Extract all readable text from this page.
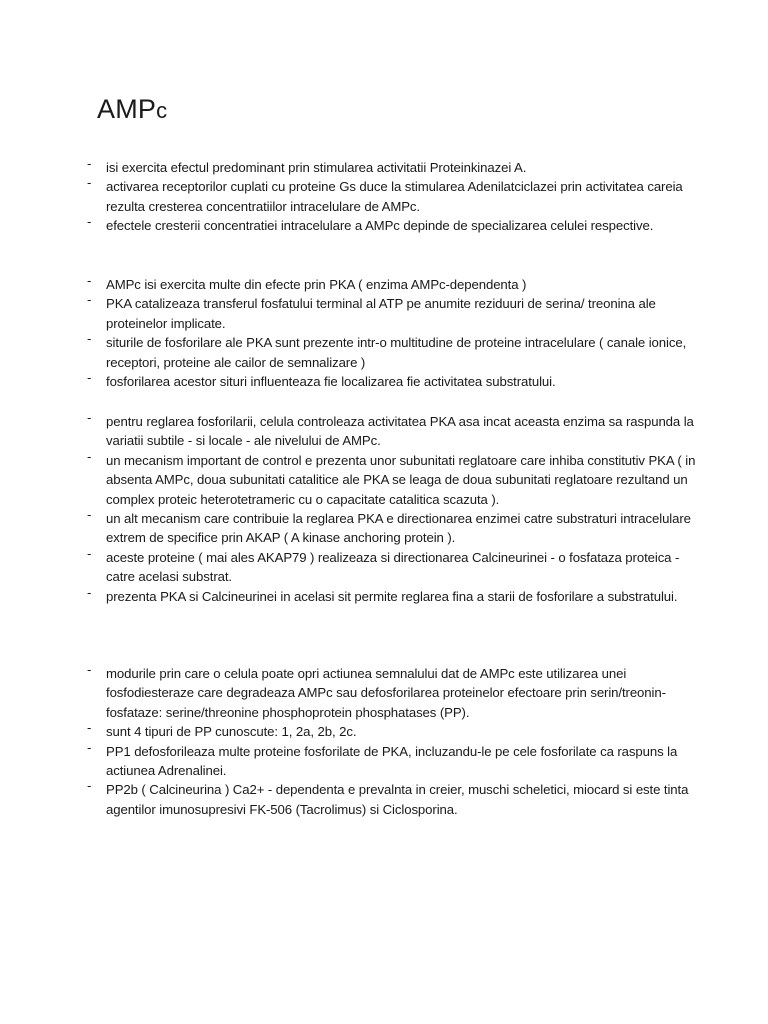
AMPc
- isi exercita efectul predominant prin stimularea activitatii Proteinkinazei A.
- activarea receptorilor cuplati cu proteine Gs duce la stimularea Adenilatciclazei prin activitatea careia rezulta cresterea concentratiilor intracelulare de AMPc.
- efectele cresterii concentratiei intracelulare a AMPc depinde de specializarea celulei respective.
- AMPc isi exercita multe din efecte prin PKA ( enzima AMPc-dependenta )
- PKA catalizeaza transferul fosfatului terminal al ATP pe anumite reziduuri de serina/ treonina ale proteinelor implicate.
- siturile de fosforilare ale PKA sunt prezente intr-o multitudine de proteine intracelulare ( canale ionice, receptori, proteine ale cailor de semnalizare )
- fosforilarea acestor situri influenteaza fie localizarea fie activitatea substratului.
- pentru reglarea fosforilarii, celula controleaza activitatea PKA asa incat aceasta enzima sa raspunda la variatii subtile - si locale - ale nivelului de AMPc.
- un mecanism important de control e prezenta unor subunitati reglatoare care inhiba constitutiv PKA ( in absenta AMPc, doua subunitati catalitice ale PKA se leaga de doua subunitati reglatoare rezultand un complex proteic heterotetrameric cu o capacitate catalitica scazuta ).
- un alt mecanism care contribuie la reglarea PKA e directionarea enzimei catre substraturi intracelulare extrem de specifice prin AKAP ( A kinase anchoring protein ).
- aceste proteine ( mai ales AKAP79 ) realizeaza si directionarea Calcineurinei - o fosfataza proteica - catre acelasi substrat.
- prezenta PKA si Calcineurinei in acelasi sit permite reglarea fina a starii de fosforilare a substratului.
- modurile prin care o celula poate opri actiunea semnalului dat de AMPc este utilizarea unei fosfodiesteraze care degradeaza AMPc sau defosforilarea proteinelor efectoare prin serin/treonin-fosfataze: serine/threonine phosphoprotein phosphatases (PP).
- sunt 4 tipuri de PP cunoscute: 1, 2a, 2b, 2c.
- PP1 defosforileaza multe proteine fosforilate de PKA, incluzandu-le pe cele fosforilate ca raspuns la actiunea Adrenalinei.
- PP2b ( Calcineurina ) Ca2+ - dependenta e prevalnta in creier, muschi scheletici, miocard si este tinta agentilor imunosupresivi FK-506 (Tacrolimus) si Ciclosporina.
